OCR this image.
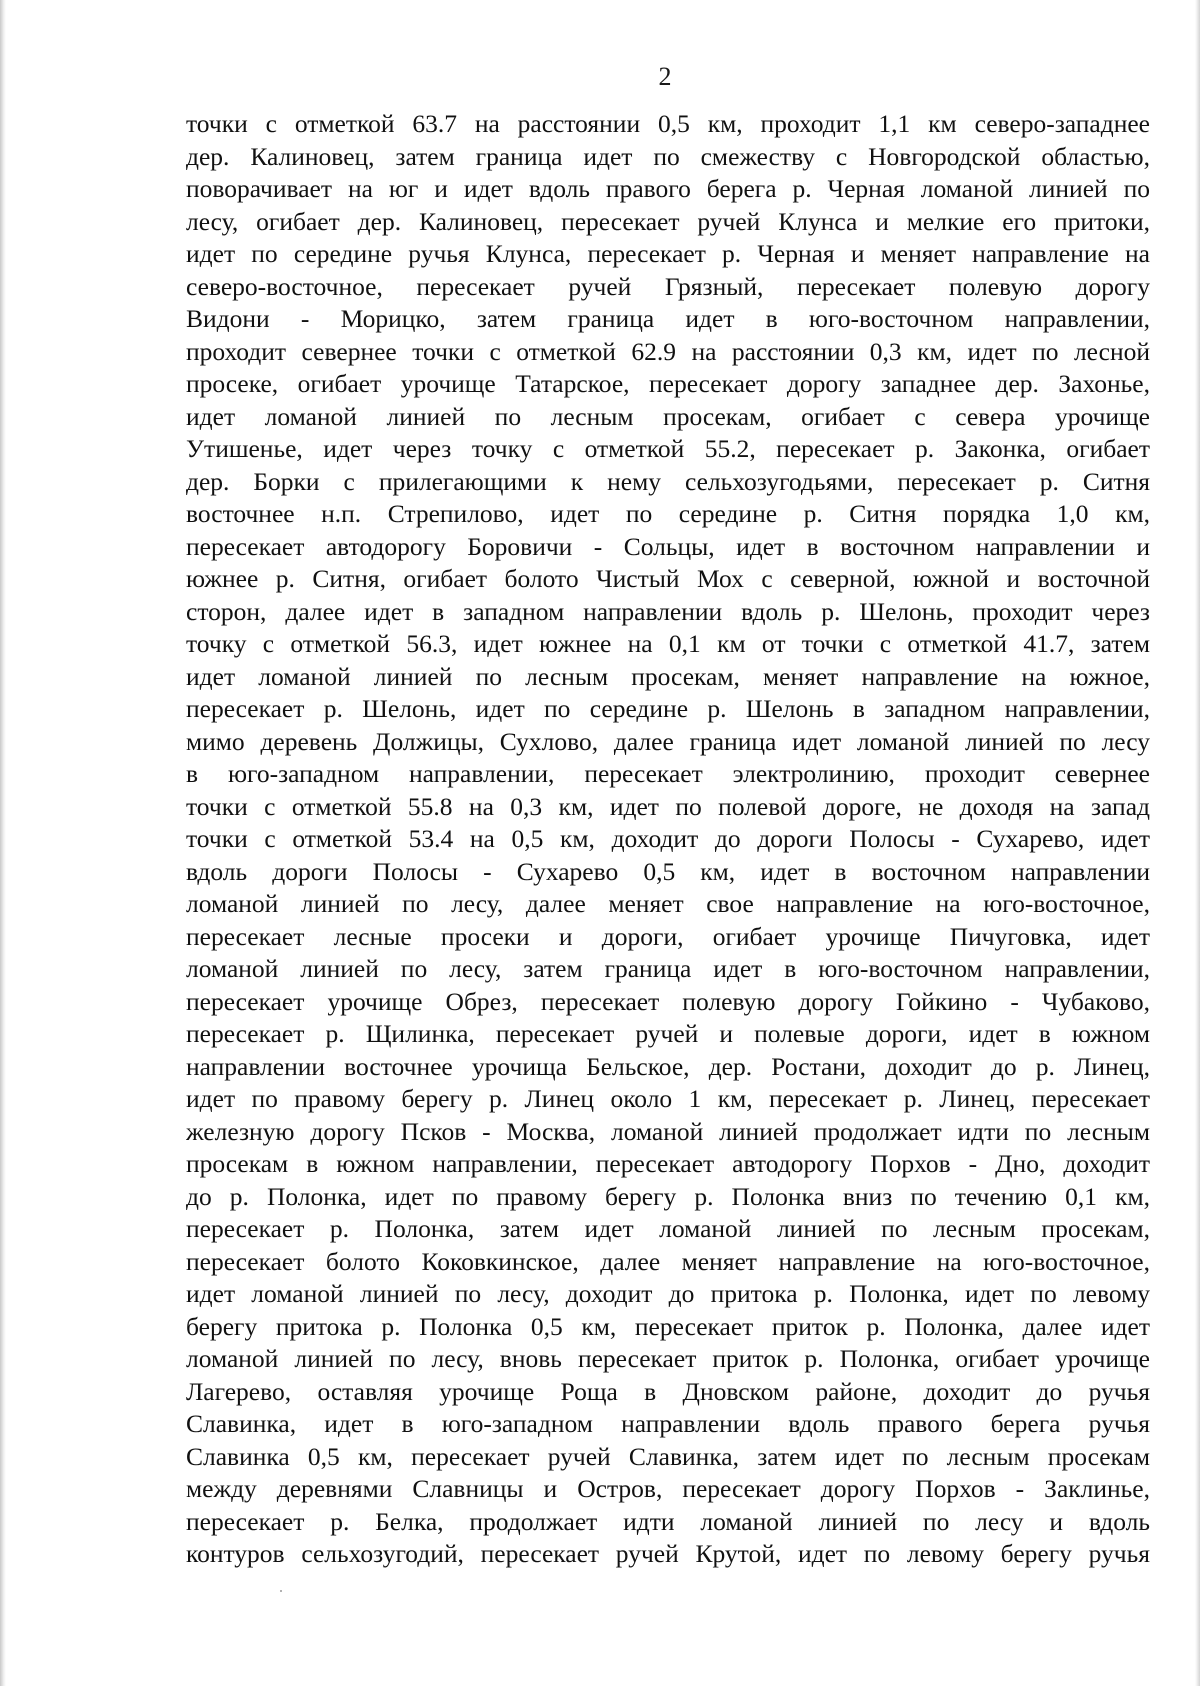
2
точки с отметкой 63.7 на расстоянии 0,5 км, проходит 1,1 км северо-западнее
дер. Калиновец, затем граница идет по смежеству с Новгородской областью,
поворачивает на юг и идет вдоль правого берега р. Черная ломаной линией по
лесу, огибает дер. Калиновец, пересекает ручей Клунса и мелкие его притоки,
идет по середине ручья Клунса, пересекает р. Черная и меняет направление на
северо-восточное, пересекает ручей Грязный, пересекает полевую дорогу
Видони - Морицко, затем граница идет в юго-восточном направлении,
проходит севернее точки с отметкой 62.9 на расстоянии 0,3 км, идет по лесной
просеке, огибает урочище Татарское, пересекает дорогу западнее дер. Захонье,
идет ломаной линией по лесным просекам, огибает с севера урочище
Утишенье, идет через точку с отметкой 55.2, пересекает р. Законка, огибает
дер. Борки с прилегающими к нему сельхозугодьями, пересекает р. Ситня
восточнее н.п. Стрепилово, идет по середине р. Ситня порядка 1,0 км,
пересекает автодорогу Боровичи - Сольцы, идет в восточном направлении и
южнее р. Ситня, огибает болото Чистый Мох с северной, южной и восточной
сторон, далее идет в западном направлении вдоль р. Шелонь, проходит через
точку с отметкой 56.3, идет южнее на 0,1 км от точки с отметкой 41.7, затем
идет ломаной линией по лесным просекам, меняет направление на южное,
пересекает р. Шелонь, идет по середине р. Шелонь в западном направлении,
мимо деревень Должицы, Сухлово, далее граница идет ломаной линией по лесу
в юго-западном направлении, пересекает электролинию, проходит севернее
точки с отметкой 55.8 на 0,3 км, идет по полевой дороге, не доходя на запад
точки с отметкой 53.4 на 0,5 км, доходит до дороги Полосы - Сухарево, идет
вдоль дороги Полосы - Сухарево 0,5 км, идет в восточном направлении
ломаной линией по лесу, далее меняет свое направление на юго-восточное,
пересекает лесные просеки и дороги, огибает урочище Пичуговка, идет
ломаной линией по лесу, затем граница идет в юго-восточном направлении,
пересекает урочище Обрез, пересекает полевую дорогу Гойкино - Чубаково,
пересекает р. Щилинка, пересекает ручей и полевые дороги, идет в южном
направлении восточнее урочища Бельское, дер. Ростани, доходит до р. Линец,
идет по правому берегу р. Линец около 1 км, пересекает р. Линец, пересекает
железную дорогу Псков - Москва, ломаной линией продолжает идти по лесным
просекам в южном направлении, пересекает автодорогу Порхов - Дно, доходит
до р. Полонка, идет по правому берегу р. Полонка вниз по течению 0,1 км,
пересекает р. Полонка, затем идет ломаной линией по лесным просекам,
пересекает болото Коковкинское, далее меняет направление на юго-восточное,
идет ломаной линией по лесу, доходит до притока р. Полонка, идет по левому
берегу притока р. Полонка 0,5 км, пересекает приток р. Полонка, далее идет
ломаной линией по лесу, вновь пересекает приток р. Полонка, огибает урочище
Лагерево, оставляя урочище Роща в Дновском районе, доходит до ручья
Славинка, идет в юго-западном направлении вдоль правого берега ручья
Славинка 0,5 км, пересекает ручей Славинка, затем идет по лесным просекам
между деревнями Славницы и Остров, пересекает дорогу Порхов - Заклинье,
пересекает р. Белка, продолжает идти ломаной линией по лесу и вдоль
контуров сельхозугодий, пересекает ручей Крутой, идет по левому берегу ручья
